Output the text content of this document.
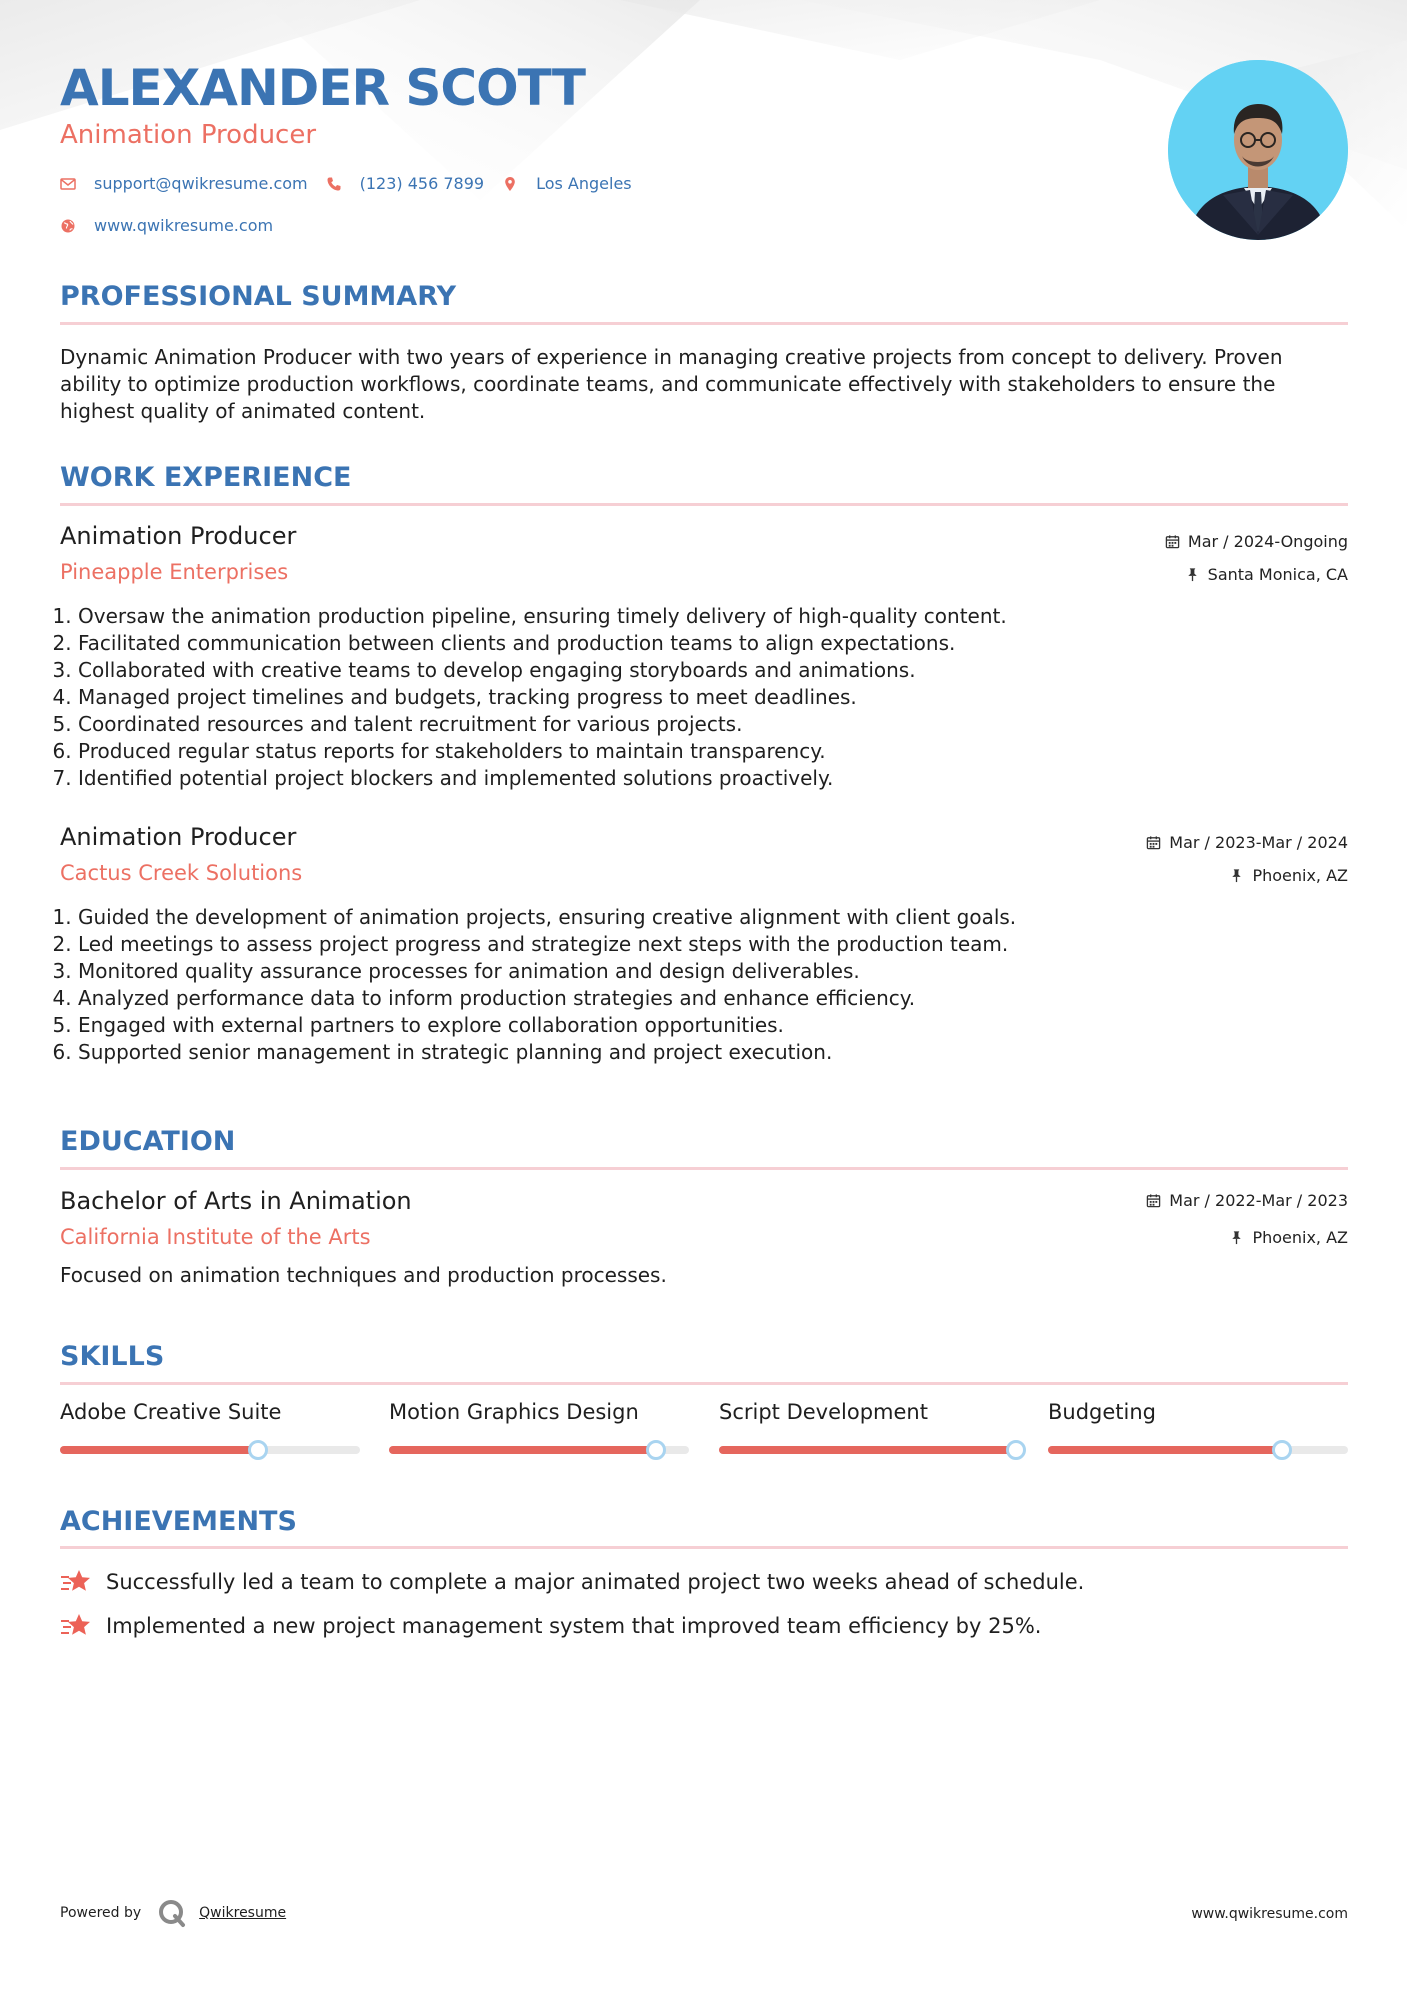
ALEXANDER SCOTT
Animation Producer
support@qwikresume.com	(123) 456 7899	Los Angeles
www.qwikresume.com
PROFESSIONAL SUMMARY

Dynamic Animation Producer with two years of experience in managing creative projects from concept to delivery. Proven ability to optimize production workflows, coordinate teams, and communicate effectively with stakeholders to ensure the highest quality of animated content.

WORK EXPERIENCE
Animation Producer	Mar / 2024-Ongoing
Pineapple Enterprises	Santa Monica, CA
1. Oversaw the animation production pipeline, ensuring timely delivery of high-quality content.
2. Facilitated communication between clients and production teams to align expectations.
3. Collaborated with creative teams to develop engaging storyboards and animations.
4. Managed project timelines and budgets, tracking progress to meet deadlines.
5. Coordinated resources and talent recruitment for various projects.
6. Produced regular status reports for stakeholders to maintain transparency.
7. Identified potential project blockers and implemented solutions proactively.
Animation Producer	Mar / 2023-Mar / 2024
Cactus Creek Solutions	Phoenix, AZ
1. Guided the development of animation projects, ensuring creative alignment with client goals.
2. Led meetings to assess project progress and strategize next steps with the production team.
3. Monitored quality assurance processes for animation and design deliverables.
4. Analyzed performance data to inform production strategies and enhance efficiency.
5. Engaged with external partners to explore collaboration opportunities.
6. Supported senior management in strategic planning and project execution.
EDUCATION
Bachelor of Arts in Animation	Mar / 2022-Mar / 2023
California Institute of the Arts	Phoenix, AZ

Focused on animation techniques and production processes.

SKILLS
Adobe Creative Suite	Motion Graphics Design	Script Development	Budgeting
ACHIEVEMENTS
Successfully led a team to complete a major animated project two weeks ahead of schedule.
Implemented a new project management system that improved team efficiency by 25%.
Powered by	Qwikresume	www.qwikresume.com
